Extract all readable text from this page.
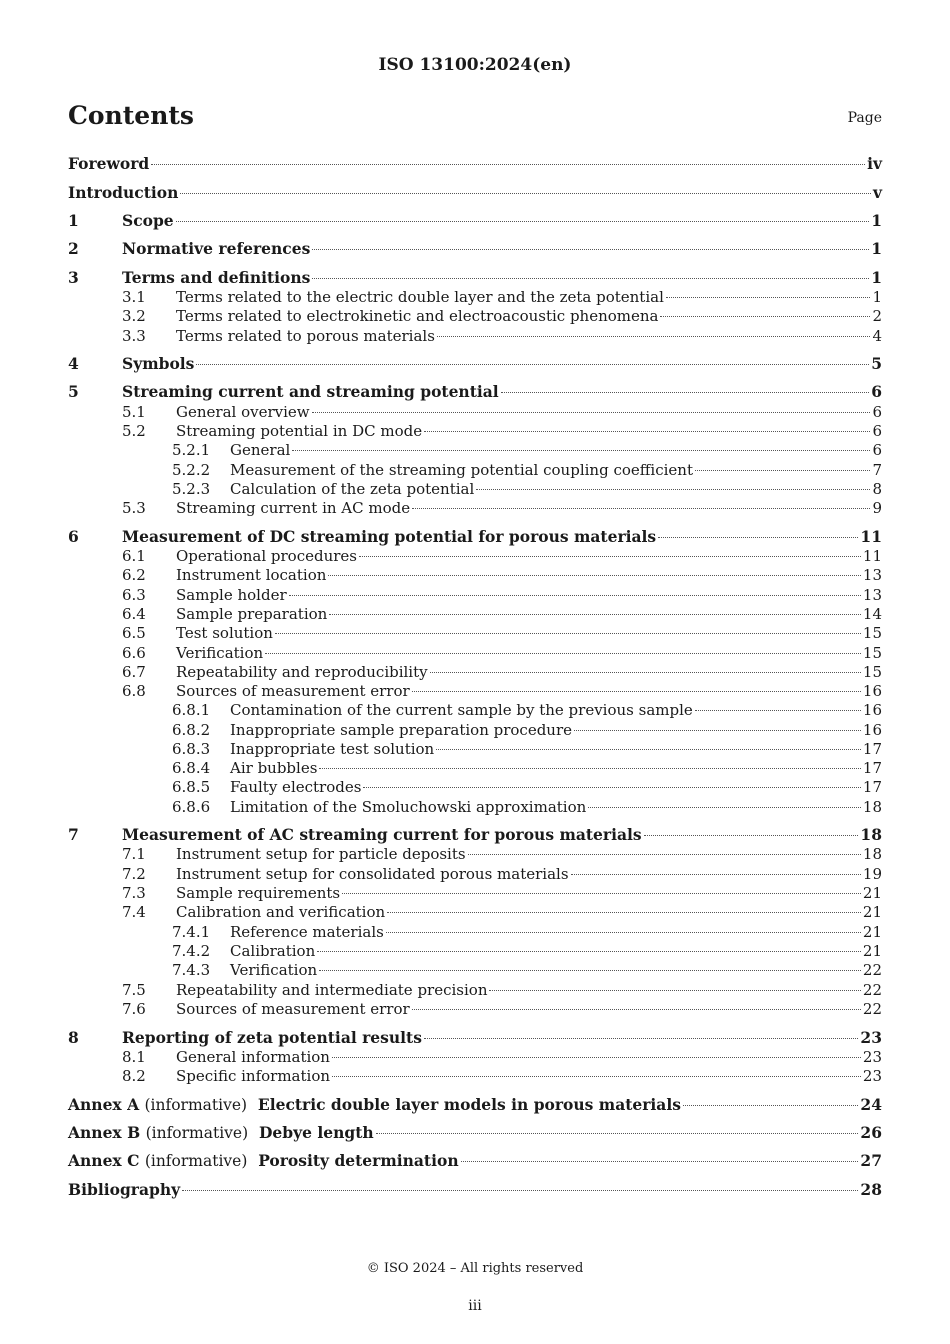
ISO 13100:2024(en)
Contents	Page
Foreword	iv
Introduction	v
1	Scope	1
2	Normative references	1
3	Terms and definitions	1
3.1	Terms related to the electric double layer and the zeta potential	1
3.2	Terms related to electrokinetic and electroacoustic phenomena	2
3.3	Terms related to porous materials	4
4	Symbols	5
5	Streaming current and streaming potential	6
5.1	General overview	6
5.2	Streaming potential in DC mode	6
5.2.1	General	6
5.2.2	Measurement of the streaming potential coupling coefficient	7
5.2.3	Calculation of the zeta potential	8
5.3	Streaming current in AC mode	9
6	Measurement of DC streaming potential for porous materials	11
6.1	Operational procedures	11
6.2	Instrument location	13
6.3	Sample holder	13
6.4	Sample preparation	14
6.5	Test solution	15
6.6	Verification	15
6.7	Repeatability and reproducibility	15
6.8	Sources of measurement error	16
6.8.1	Contamination of the current sample by the previous sample	16
6.8.2	Inappropriate sample preparation procedure	16
6.8.3	Inappropriate test solution	17
6.8.4	Air bubbles	17
6.8.5	Faulty electrodes	17
6.8.6	Limitation of the Smoluchowski approximation	18
7	Measurement of AC streaming current for porous materials	18
7.1	Instrument setup for particle deposits	18
7.2	Instrument setup for consolidated porous materials	19
7.3	Sample requirements	21
7.4	Calibration and verification	21
7.4.1	Reference materials	21
7.4.2	Calibration	21
7.4.3	Verification	22
7.5	Repeatability and intermediate precision	22
7.6	Sources of measurement error	22
8	Reporting of zeta potential results	23
8.1	General information	23
8.2	Specific information	23
Annex A (informative) Electric double layer models in porous materials	24
Annex B (informative) Debye length	26
Annex C (informative) Porosity determination	27
Bibliography	28
© ISO 2024 – All rights reserved
iii
